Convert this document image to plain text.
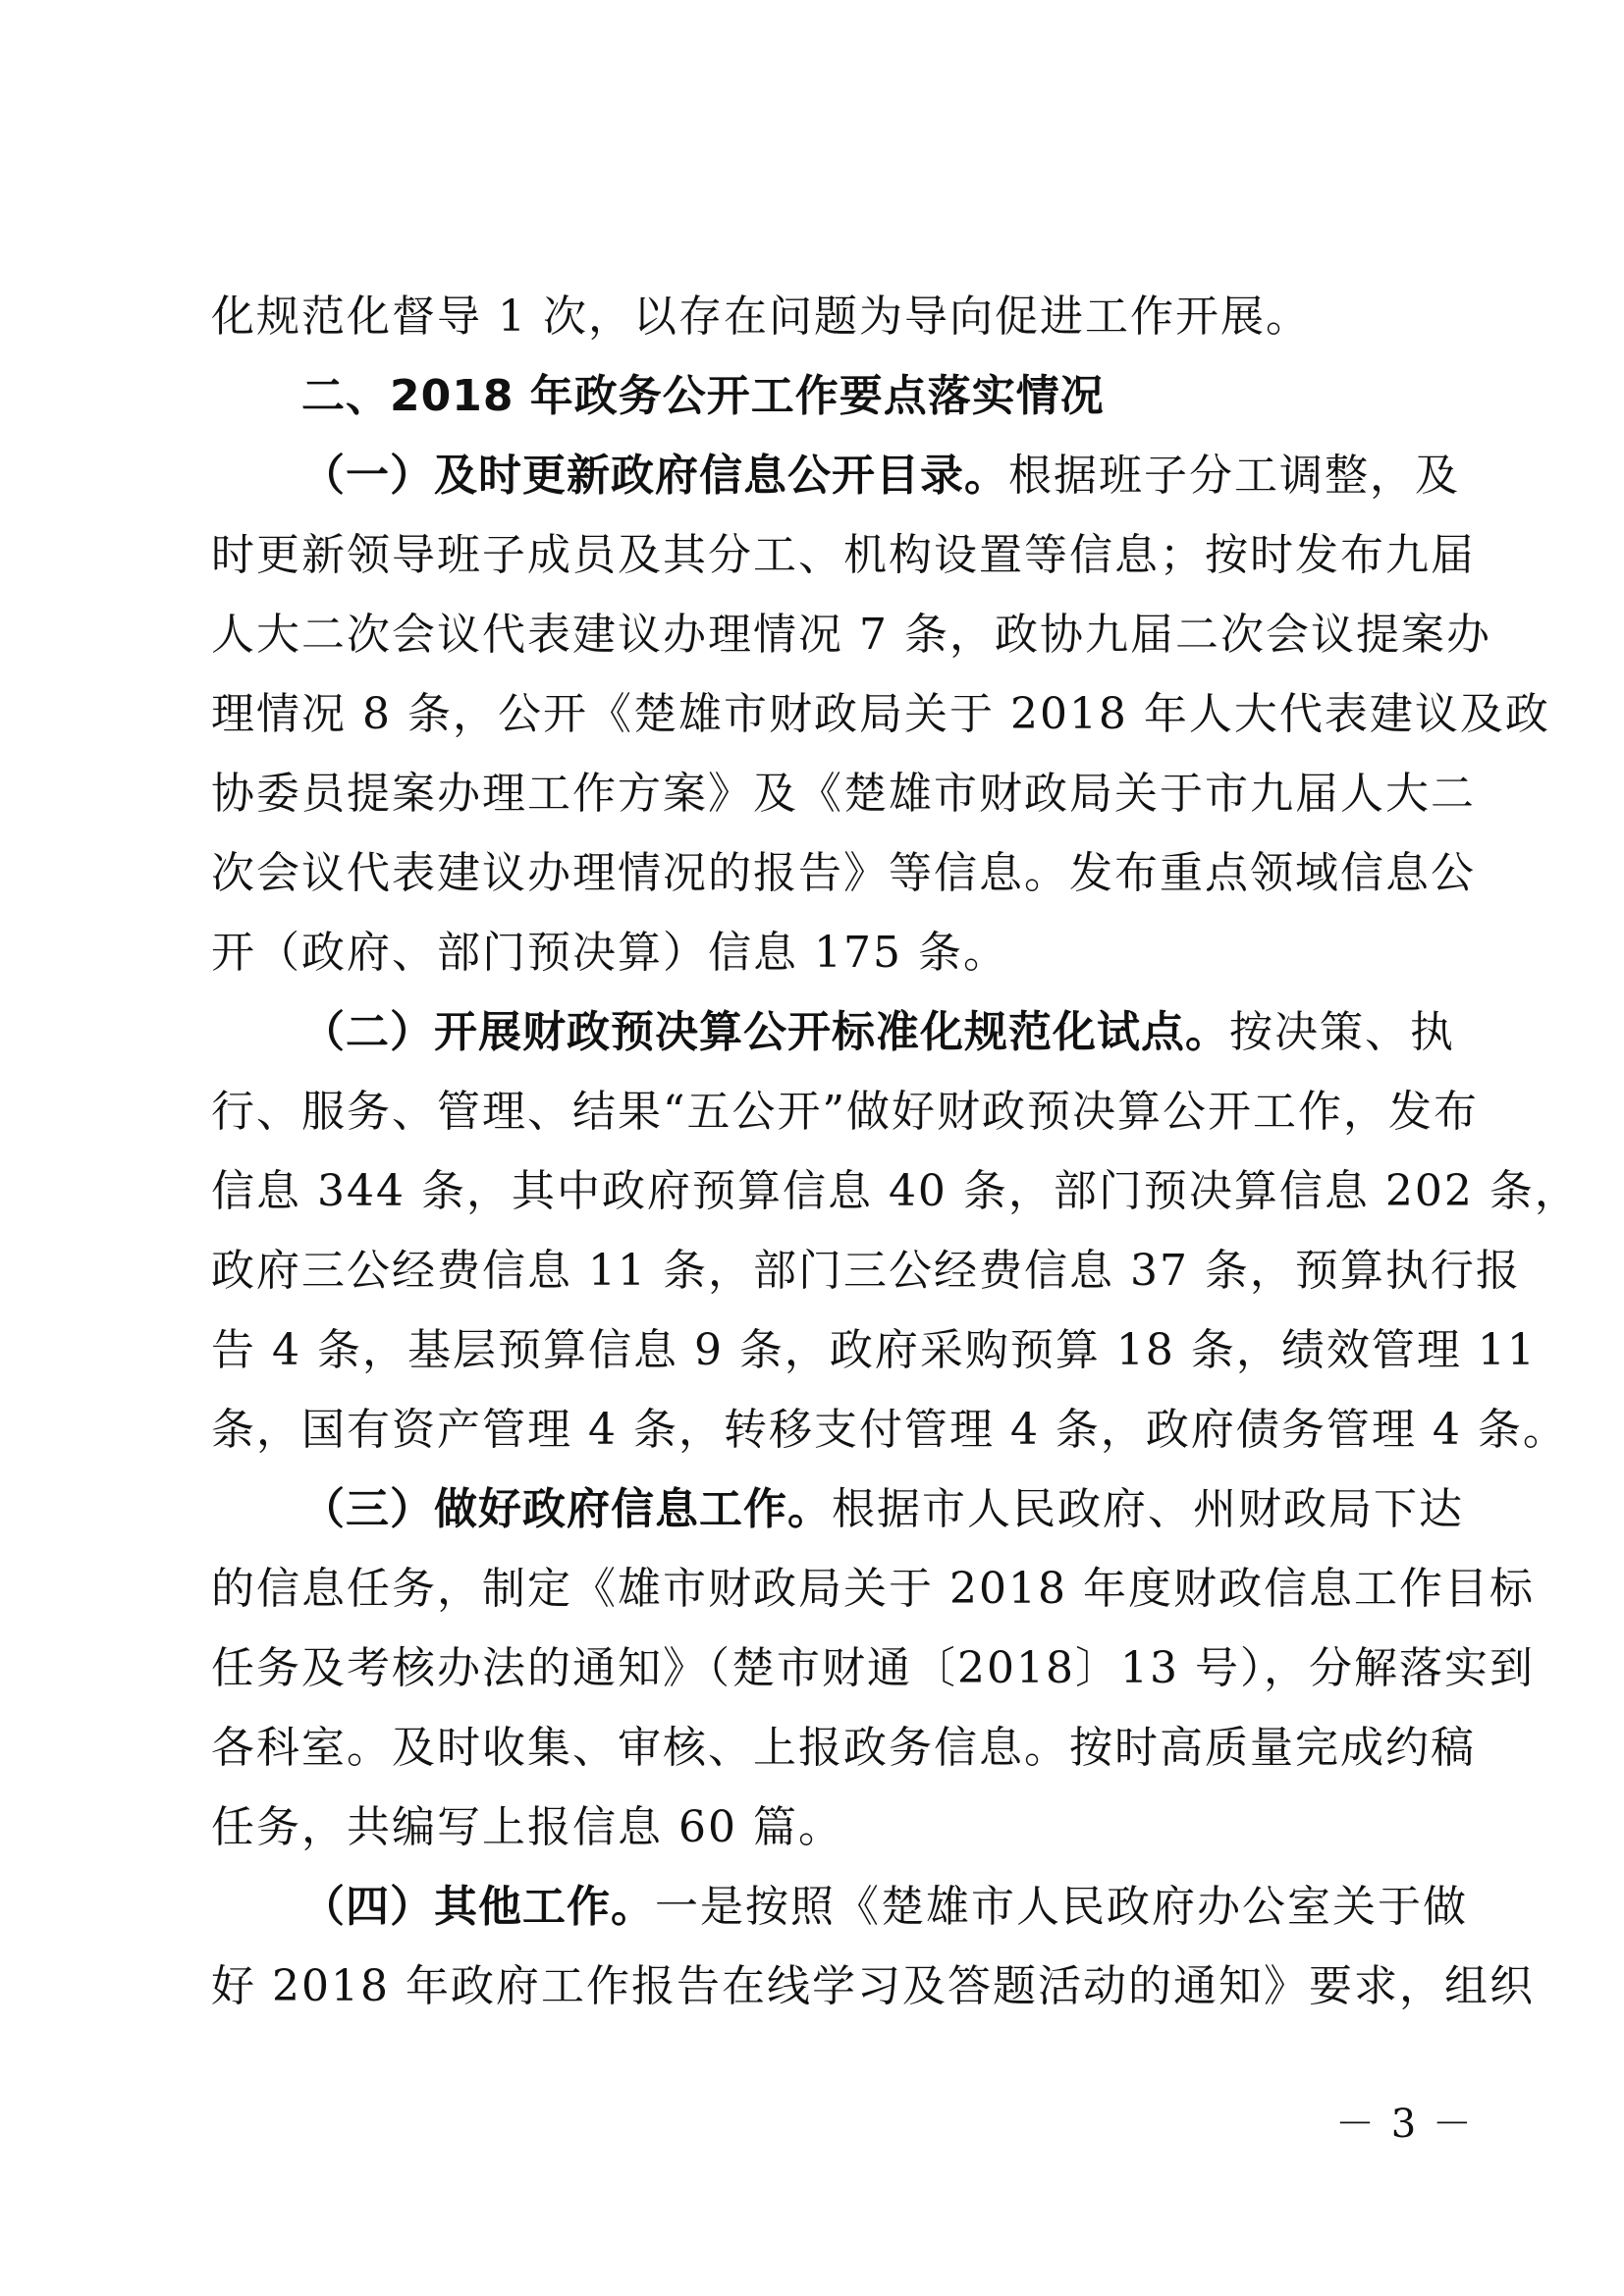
化规范化督导 1 次，以存在问题为导向促进工作开展。
二、2018 年政务公开工作要点落实情况
（一）及时更新政府信息公开目录。根据班子分工调整，及
时更新领导班子成员及其分工、机构设置等信息；按时发布九届
人大二次会议代表建议办理情况 7 条，政协九届二次会议提案办
理情况 8 条，公开《楚雄市财政局关于 2018 年人大代表建议及政
协委员提案办理工作方案》及《楚雄市财政局关于市九届人大二
次会议代表建议办理情况的报告》等信息。发布重点领域信息公
开（政府、部门预决算）信息 175 条。
（二）开展财政预决算公开标准化规范化试点。按决策、执
行、服务、管理、结果“五公开”做好财政预决算公开工作，发布
信息 344 条，其中政府预算信息 40 条，部门预决算信息 202 条，
政府三公经费信息 11 条，部门三公经费信息 37 条，预算执行报
告 4 条，基层预算信息 9 条，政府采购预算 18 条，绩效管理 11
条，国有资产管理 4 条，转移支付管理 4 条，政府债务管理 4 条。
（三）做好政府信息工作。根据市人民政府、州财政局下达
的信息任务，制定《雄市财政局关于 2018 年度财政信息工作目标
任务及考核办法的通知》（楚市财通〔2018〕13 号），分解落实到
各科室。及时收集、审核、上报政务信息。按时高质量完成约稿
任务，共编写上报信息 60 篇。
（四）其他工作。一是按照《楚雄市人民政府办公室关于做
好 2018 年政府工作报告在线学习及答题活动的通知》要求，组织
－ 3 －
